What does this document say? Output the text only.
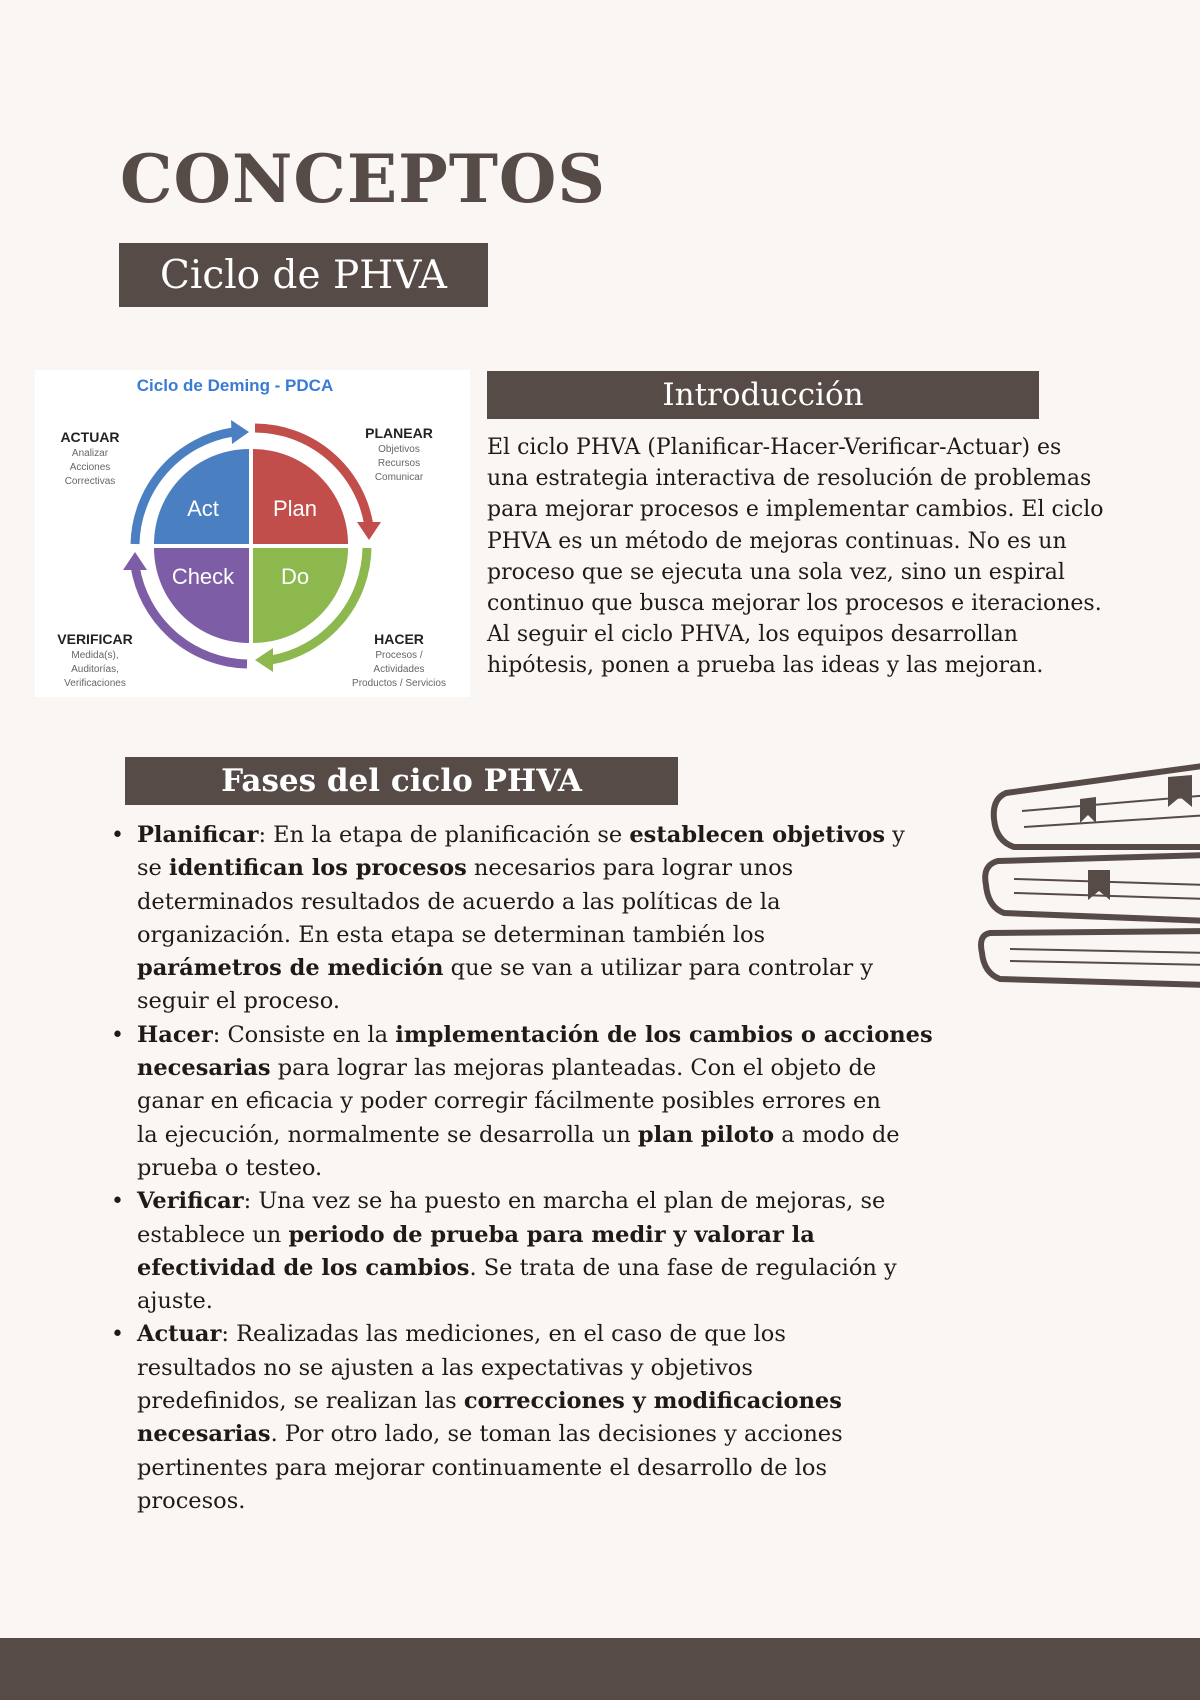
CONCEPTOS
Ciclo de PHVA
Ciclo de Deming - PDCA
Act Plan
Check Do
ACTUAR
Analizar
Acciones
Correctivas
PLANEAR
Objetivos
Recursos
Comunicar
VERIFICAR
Medida(s),
Auditorías,
Verificaciones
HACER
Procesos /
Actividades
Productos / Servicios
Introducción

El ciclo PHVA (Planificar-Hacer-Verificar-Actuar) es
una estrategia interactiva de resolución de problemas
para mejorar procesos e implementar cambios. El ciclo
PHVA es un método de mejoras continuas. No es un
proceso que se ejecuta una sola vez, sino un espiral
continuo que busca mejorar los procesos e iteraciones.
Al seguir el ciclo PHVA, los equipos desarrollan
hipótesis, ponen a prueba las ideas y las mejoran.

Fases del ciclo PHVA
• Planificar: En la etapa de planificación se establecen objetivos y
se identifican los procesos necesarios para lograr unos
determinados resultados de acuerdo a las políticas de la
organización. En esta etapa se determinan también los
parámetros de medición que se van a utilizar para controlar y
seguir el proceso.
• Hacer: Consiste en la implementación de los cambios o acciones
necesarias para lograr las mejoras planteadas. Con el objeto de
ganar en eficacia y poder corregir fácilmente posibles errores en
la ejecución, normalmente se desarrolla un plan piloto a modo de
prueba o testeo.
• Verificar: Una vez se ha puesto en marcha el plan de mejoras, se
establece un periodo de prueba para medir y valorar la
efectividad de los cambios. Se trata de una fase de regulación y
ajuste.
• Actuar: Realizadas las mediciones, en el caso de que los
resultados no se ajusten a las expectativas y objetivos
predefinidos, se realizan las correcciones y modificaciones
necesarias. Por otro lado, se toman las decisiones y acciones
pertinentes para mejorar continuamente el desarrollo de los
procesos.
